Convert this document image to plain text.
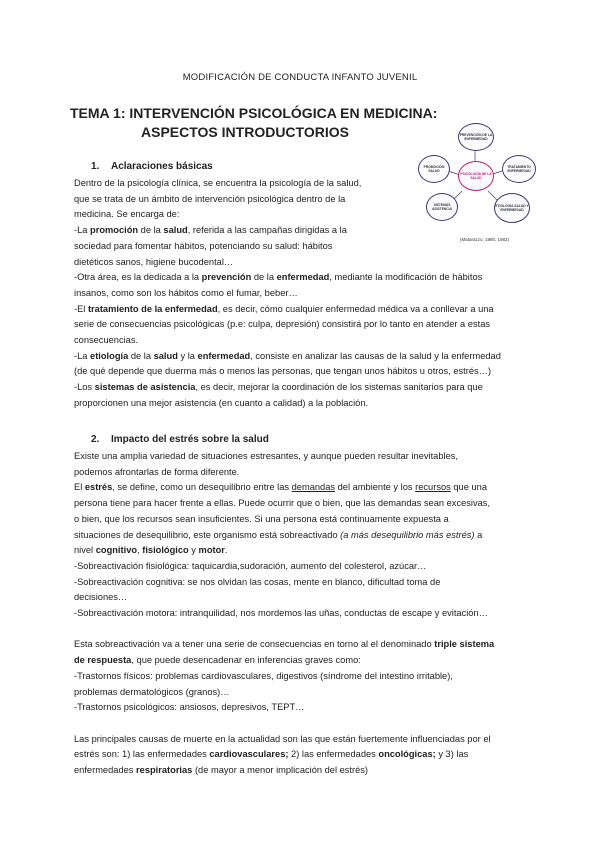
MODIFICACIÓN DE CONDUCTA INFANTO JUVENIL
TEMA 1: INTERVENCIÓN PSICOLÓGICA EN MEDICINA:
ASPECTOS INTRODUCTORIOS
1. Aclaraciones básicas
PREVENCIÓN DE LA ENFERMEDAD
PROMOCIÓN SALUD
TRATAMIENTO ENFERMEDAD
PSICOLOGÍA DE LA SALUD
SISTEMAS ASISTENCIA
ETIOLOGÍA SALUD Y ENFERMEDAD
(Matarazzo, 1980, 1982)

Dentro de la psicología clínica, se encuentra la psicología de la salud,

que se trata de un ámbito de intervención psicológica dentro de la

medicina. Se encarga de:

-La promoción de la salud, referida a las campañas dirigidas a la

sociedad para fomentar hábitos, potenciando su salud: hábitos

dietéticos sanos, higiene bucodental…

-Otra área, es la dedicada a la prevención de la enfermedad, mediante la modificación de hábitos

insanos, como son los hábitos como el fumar, beber…

-El tratamiento de la enfermedad, es decir, cómo cualquier enfermedad médica va a conllevar a una

serie de consecuencias psicológicas (p.e: culpa, depresión) consistirá por lo tanto en atender a estas

consecuencias.

-La etiología de la salud y la enfermedad, consiste en analizar las causas de la salud y la enfermedad

(de qué depende que duerma más o menos las personas, que tengan unos hábitos u otros, estrés…)

-Los sistemas de asistencia, es decir, mejorar la coordinación de los sistemas sanitarios para que

proporcionen una mejor asistencia (en cuanto a calidad) a la población.

2. Impacto del estrés sobre la salud

Existe una amplia variedad de situaciones estresantes, y aunque pueden resultar inevitables,

podemos afrontarlas de forma diferente.

El estrés, se define, como un desequilibrio entre las demandas del ambiente y los recursos que una

persona tiene para hacer frente a ellas. Puede ocurrir que o bien, que las demandas sean excesivas,

o bien, que los recursos sean insuficientes. Si una persona está continuamente expuesta a

situaciones de desequilibrio, este organismo está sobreactivado (a más desequilibrio más estrés) a

nivel cognitivo, fisiológico y motor.

-Sobreactivación fisiológica: taquicardia,sudoración, aumento del colesterol, azúcar…

-Sobreactivación cognitiva: se nos olvidan las cosas, mente en blanco, dificultad toma de

decisiones…

-Sobreactivación motora: intranquilidad, nos mordemos las uñas, conductas de escape y evitación…

Esta sobreactivación va a tener una serie de consecuencias en torno al el denominado triple sistema

de respuesta, que puede desencadenar en inferencias graves como:

-Trastornos físicos: problemas cardiovasculares, digestivos (síndrome del intestino irritable),

problemas dermatológicos (granos)…

-Trastornos psicológicos: ansiosos, depresivos, TEPT…

Las principales causas de muerte en la actualidad son las que están fuertemente influenciadas por el

estrés son: 1) las enfermedades cardiovasculares; 2) las enfermedades oncológicas; y 3) las

enfermedades respiratorias (de mayor a menor implicación del estrés)
